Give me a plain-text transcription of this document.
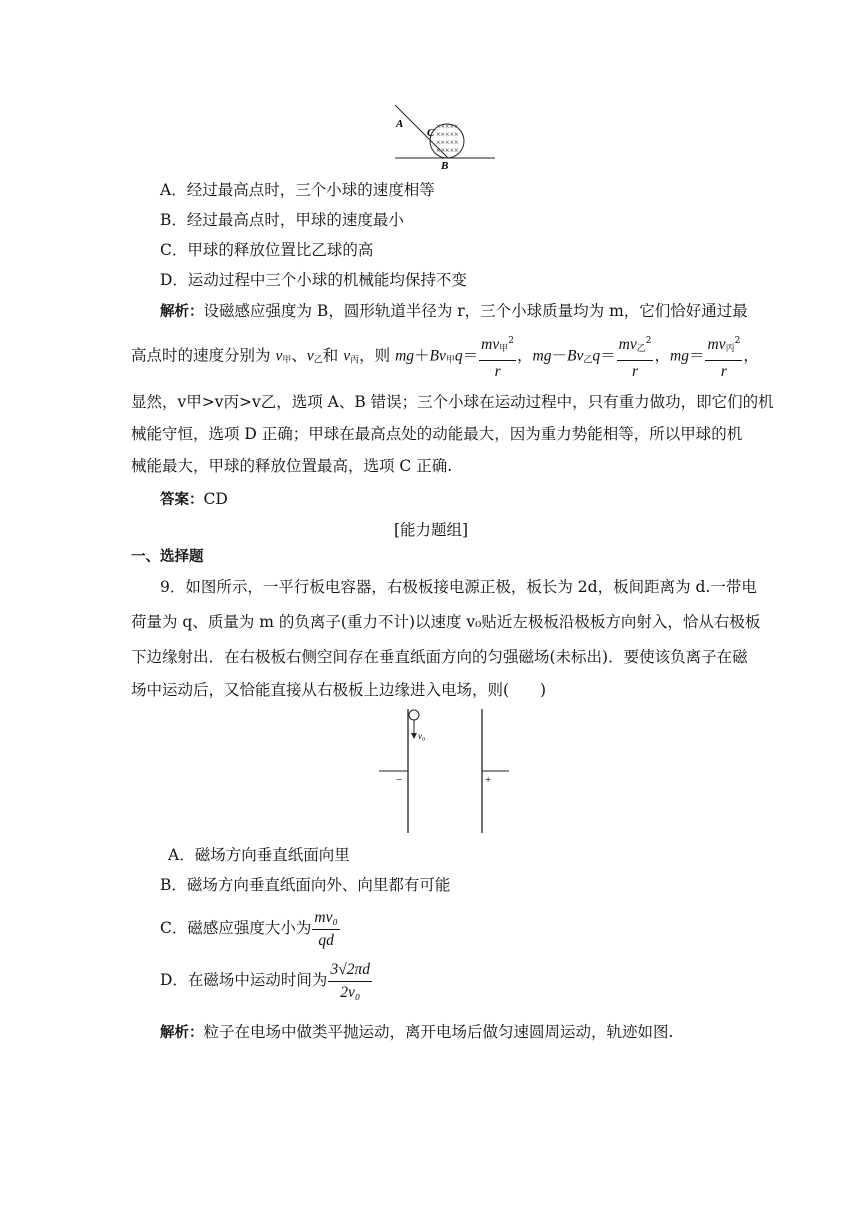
×××××
×××××
×××××
×××××
A
C
B
A．经过最高点时，三个小球的速度相等
B．经过最高点时，甲球的速度最小
C．甲球的释放位置比乙球的高
D．运动过程中三个小球的机械能均保持不变
解析：设磁感应强度为 B，圆形轨道半径为 r，三个小球质量均为 m，它们恰好通过最
高点时的速度分别为 $v_甲$、$v_乙$和 $v_丙$，则 $mg+Bv_甲q= \frac{mv_甲^2}{r}$ ，$mg-Bv_乙q= \frac{mv_乙^2}{r}$ ，$mg= \frac{mv_丙^2}{r}$ ，
显然，v甲>v丙>v乙，选项 A、B 错误；三个小球在运动过程中，只有重力做功，即它们的机
械能守恒，选项 D 正确；甲球在最高点处的动能最大，因为重力势能相等，所以甲球的机
械能最大，甲球的释放位置最高，选项 C 正确.
答案：CD
[能力题组]
一、选择题
9．如图所示，一平行板电容器，右极板接电源正极，板长为 2d，板间距离为 d.一带电
荷量为 q、质量为 m 的负离子(重力不计)以速度 v₀贴近左极板沿极板方向射入，恰从右极板
下边缘射出．在右极板右侧空间存在垂直纸面方向的匀强磁场(未标出)．要使该负离子在磁
场中运动后，又恰能直接从右极板上边缘进入电场，则(　　)
v₀
−	+
A．磁场方向垂直纸面向里
B．磁场方向垂直纸面向外、向里都有可能
C．磁感应强度大小为 $\frac{\text{mv₀}}{qd}$
D．在磁场中运动时间为 $\frac{3√2\pi d}{\text{2v₀}}$
解析：粒子在电场中做类平抛运动，离开电场后做匀速圆周运动，轨迹如图.
